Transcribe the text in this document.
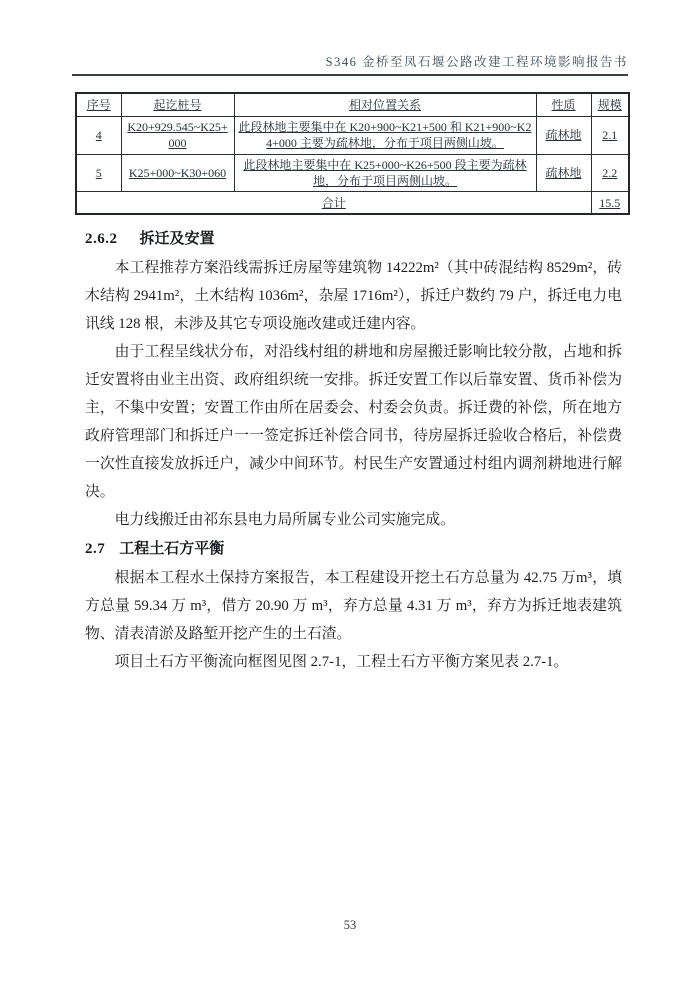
S346 金桥至凤石堰公路改建工程环境影响报告书
序号	起讫桩号	相对位置关系	性质	规模
4	K20+929.545~K25+000	此段林地主要集中在 K20+900~K21+500 和 K21+900~K24+000 主要为疏林地，分布于项目两侧山坡。	疏林地	2.1
5	K25+000~K30+060	此段林地主要集中在 K25+000~K26+500 段主要为疏林地，分布于项目两侧山坡。	疏林地	2.2
合计				15.5
2.6.2 拆迁及安置

本工程推荐方案沿线需拆迁房屋等建筑物 14222m²（其中砖混结构 8529m²，砖木结构 2941m²，土木结构 1036m²，杂屋 1716m²），拆迁户数约 79 户，拆迁电力电讯线 128 根，未涉及其它专项设施改建或迁建内容。

由于工程呈线状分布，对沿线村组的耕地和房屋搬迁影响比较分散，占地和拆迁安置将由业主出资、政府组织统一安排。拆迁安置工作以后靠安置、货币补偿为主，不集中安置；安置工作由所在居委会、村委会负责。拆迁费的补偿，所在地方政府管理部门和拆迁户一一签定拆迁补偿合同书，待房屋拆迁验收合格后，补偿费一次性直接发放拆迁户，减少中间环节。村民生产安置通过村组内调剂耕地进行解决。

电力线搬迁由祁东县电力局所属专业公司实施完成。

2.7 工程土石方平衡

根据本工程水土保持方案报告，本工程建设开挖土石方总量为 42.75 万m³，填方总量 59.34 万 m³，借方 20.90 万 m³，弃方总量 4.31 万 m³，弃方为拆迁地表建筑物、清表清淤及路堑开挖产生的土石渣。

项目土石方平衡流向框图见图 2.7-1，工程土石方平衡方案见表 2.7-1。

53
